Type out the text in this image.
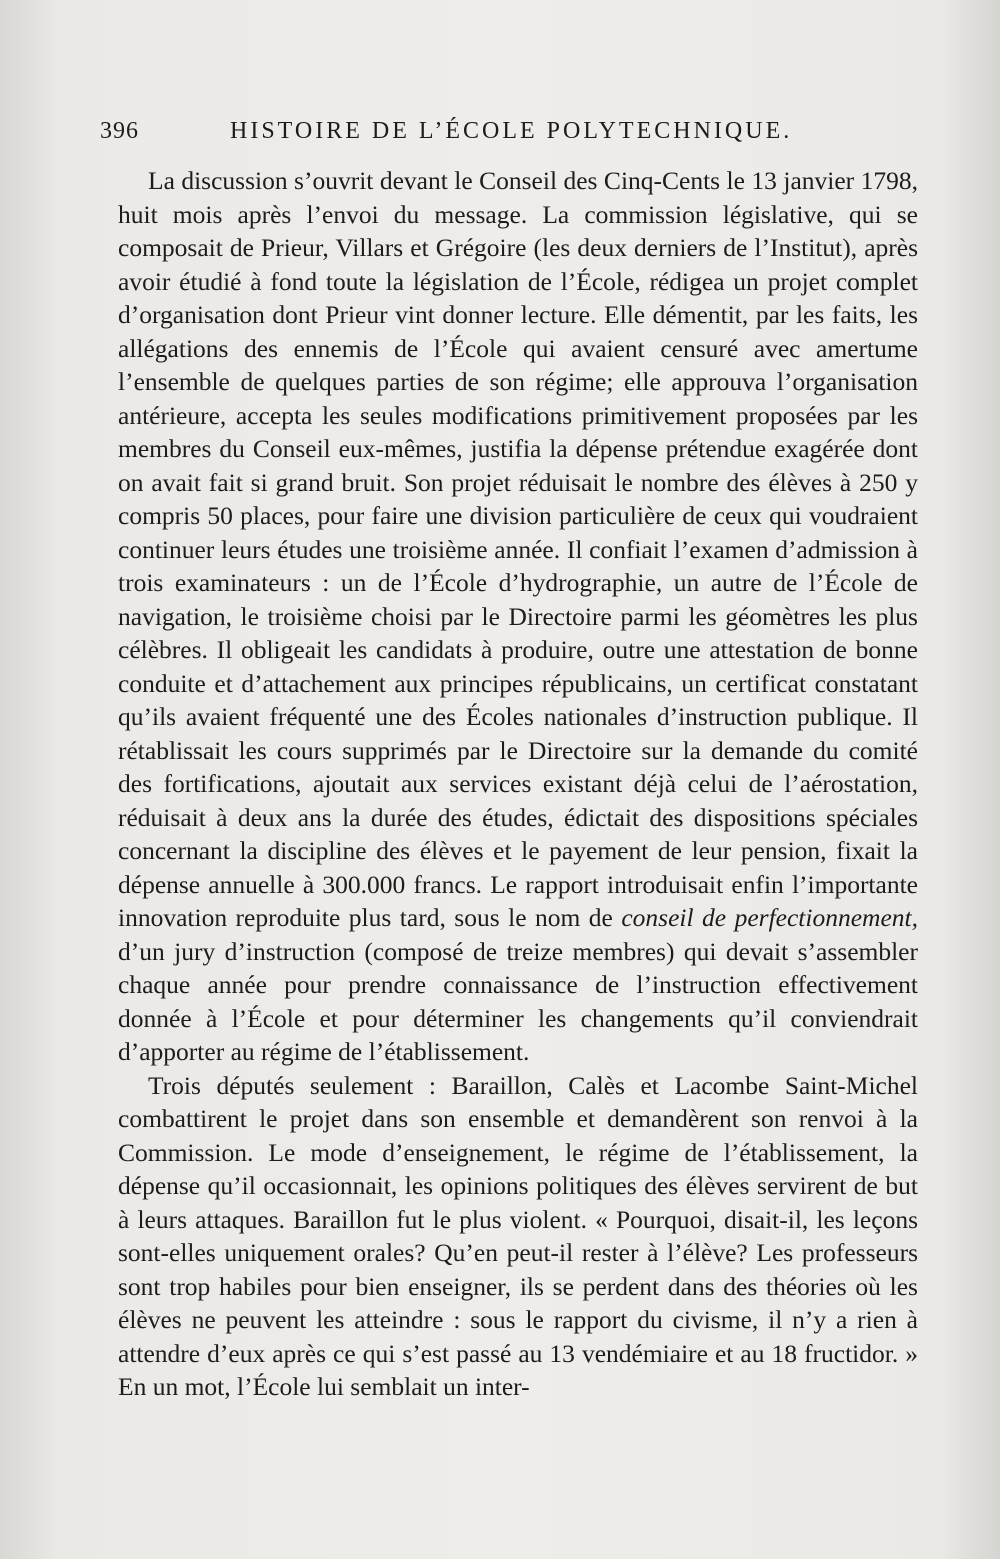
396	HISTOIRE DE L’ÉCOLE POLYTECHNIQUE.

La discussion s’ouvrit devant le Conseil des Cinq-Cents le 13 janvier 1798, huit mois après l’envoi du message. La commission législative, qui se composait de Prieur, Villars et Grégoire (les deux derniers de l’Institut), après avoir étudié à fond toute la législation de l’École, rédigea un projet complet d’organisation dont Prieur vint donner lecture. Elle démentit, par les faits, les allégations des ennemis de l’École qui avaient censuré avec amertume l’ensemble de quelques parties de son régime; elle approuva l’organisation antérieure, accepta les seules modifications primitivement proposées par les membres du Conseil eux-mêmes, justifia la dépense prétendue exagérée dont on avait fait si grand bruit. Son projet réduisait le nombre des élèves à 250 y compris 50 places, pour faire une division particulière de ceux qui voudraient continuer leurs études une troisième année. Il confiait l’examen d’admission à trois examinateurs : un de l’École d’hydrographie, un autre de l’École de navigation, le troisième choisi par le Directoire parmi les géomètres les plus célèbres. Il obligeait les candidats à produire, outre une attestation de bonne conduite et d’attachement aux principes républicains, un certificat constatant qu’ils avaient fréquenté une des Écoles nationales d’instruction publique. Il rétablissait les cours supprimés par le Directoire sur la demande du comité des fortifications, ajoutait aux services existant déjà celui de l’aérostation, réduisait à deux ans la durée des études, édictait des dispositions spéciales concernant la discipline des élèves et le payement de leur pension, fixait la dépense annuelle à 300.000 francs. Le rapport introduisait enfin l’importante innovation reproduite plus tard, sous le nom de conseil de perfectionnement, d’un jury d’instruction (composé de treize membres) qui devait s’assembler chaque année pour prendre connaissance de l’instruction effectivement donnée à l’École et pour déterminer les changements qu’il conviendrait d’apporter au régime de l’établissement.

Trois députés seulement : Baraillon, Calès et Lacombe Saint-Michel combattirent le projet dans son ensemble et demandèrent son renvoi à la Commission. Le mode d’enseignement, le régime de l’établissement, la dépense qu’il occasionnait, les opinions politiques des élèves servirent de but à leurs attaques. Baraillon fut le plus violent. « Pourquoi, disait-il, les leçons sont-elles uniquement orales? Qu’en peut-il rester à l’élève? Les professeurs sont trop habiles pour bien enseigner, ils se perdent dans des théories où les élèves ne peuvent les atteindre : sous le rapport du civisme, il n’y a rien à attendre d’eux après ce qui s’est passé au 13 vendémiaire et au 18 fructidor. » En un mot, l’École lui semblait un inter-
